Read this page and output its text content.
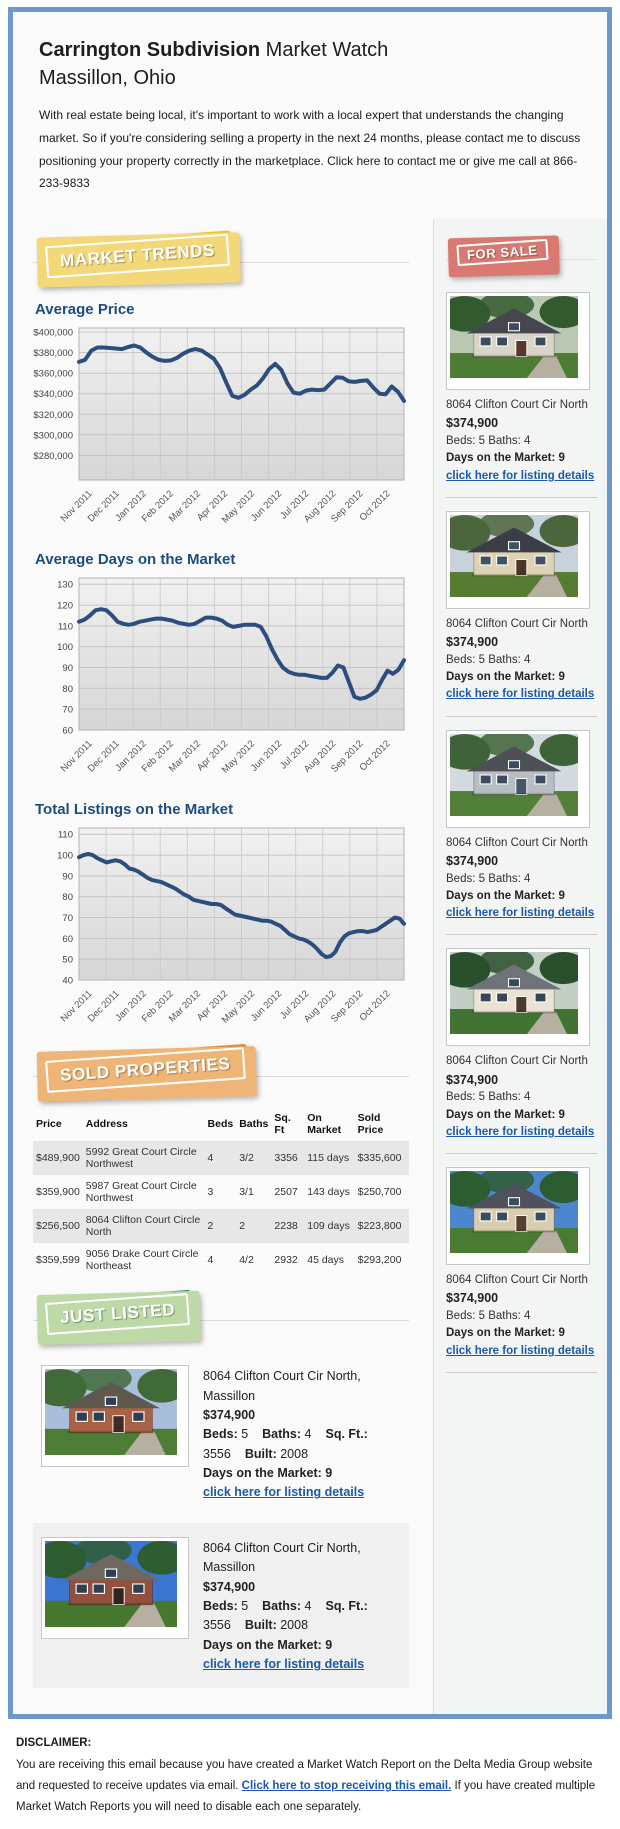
Carrington Subdivision Market Watch
Massillon, Ohio

With real estate being local, it's important to work with a local expert that understands the changing market. So if you're considering selling a property in the next 24 months, please contact me to discuss positioning your property correctly in the marketplace. Click here to contact me or give me call at 866-233-9833

MARKET TRENDS
Average Price
$400,000
$380,000
$360,000
$340,000
$320,000
$300,000
$280,000
Nov 2011
Dec 2011
Jan 2012
Feb 2012
Mar 2012
Apr 2012
May 2012
Jun 2012
Jul 2012
Aug 2012
Sep 2012
Oct 2012
Average Days on the Market
130
120
110
100
90
80
70
60
Nov 2011
Dec 2011
Jan 2012
Feb 2012
Mar 2012
Apr 2012
May 2012
Jun 2012
Jul 2012
Aug 2012
Sep 2012
Oct 2012
Total Listings on the Market
110
100
90
80
70
60
50
40
Nov 2011
Dec 2011
Jan 2012
Feb 2012
Mar 2012
Apr 2012
May 2012
Jun 2012
Jul 2012
Aug 2012
Sep 2012
Oct 2012
SOLD PROPERTIES
Price	Address	Beds	Baths	Sq. Ft	On Market	Sold Price
$489,900	5992 Great Court Circle Northwest	4	3/2	3356	115 days	$335,600
$359,900	5987 Great Court Circle Northwest	3	3/1	2507	143 days	$250,700
$256,500	8064 Clifton Court Circle North	2	2	2238	109 days	$223,800
$359,599	9056 Drake Court Circle Northeast	4	4/2	2932	45 days	$293,200
JUST LISTED
8064 Clifton Court Cir North, Massillon
$374,900
Beds: 5 Baths: 4 Sq. Ft.: 3556 Built: 2008
Days on the Market: 9
click here for listing details
8064 Clifton Court Cir North, Massillon
$374,900
Beds: 5 Baths: 4 Sq. Ft.: 3556 Built: 2008
Days on the Market: 9
click here for listing details
FOR SALE
8064 Clifton Court Cir North
$374,900
Beds: 5 Baths: 4
Days on the Market: 9
click here for listing details
8064 Clifton Court Cir North
$374,900
Beds: 5 Baths: 4
Days on the Market: 9
click here for listing details
8064 Clifton Court Cir North
$374,900
Beds: 5 Baths: 4
Days on the Market: 9
click here for listing details
8064 Clifton Court Cir North
$374,900
Beds: 5 Baths: 4
Days on the Market: 9
click here for listing details
8064 Clifton Court Cir North
$374,900
Beds: 5 Baths: 4
Days on the Market: 9
click here for listing details
DISCLAIMER:
You are receiving this email because you have created a Market Watch Report on the Delta Media Group website and requested to receive updates via email. Click here to stop receiving this email. If you have created multiple Market Watch Reports you will need to disable each one separately.
